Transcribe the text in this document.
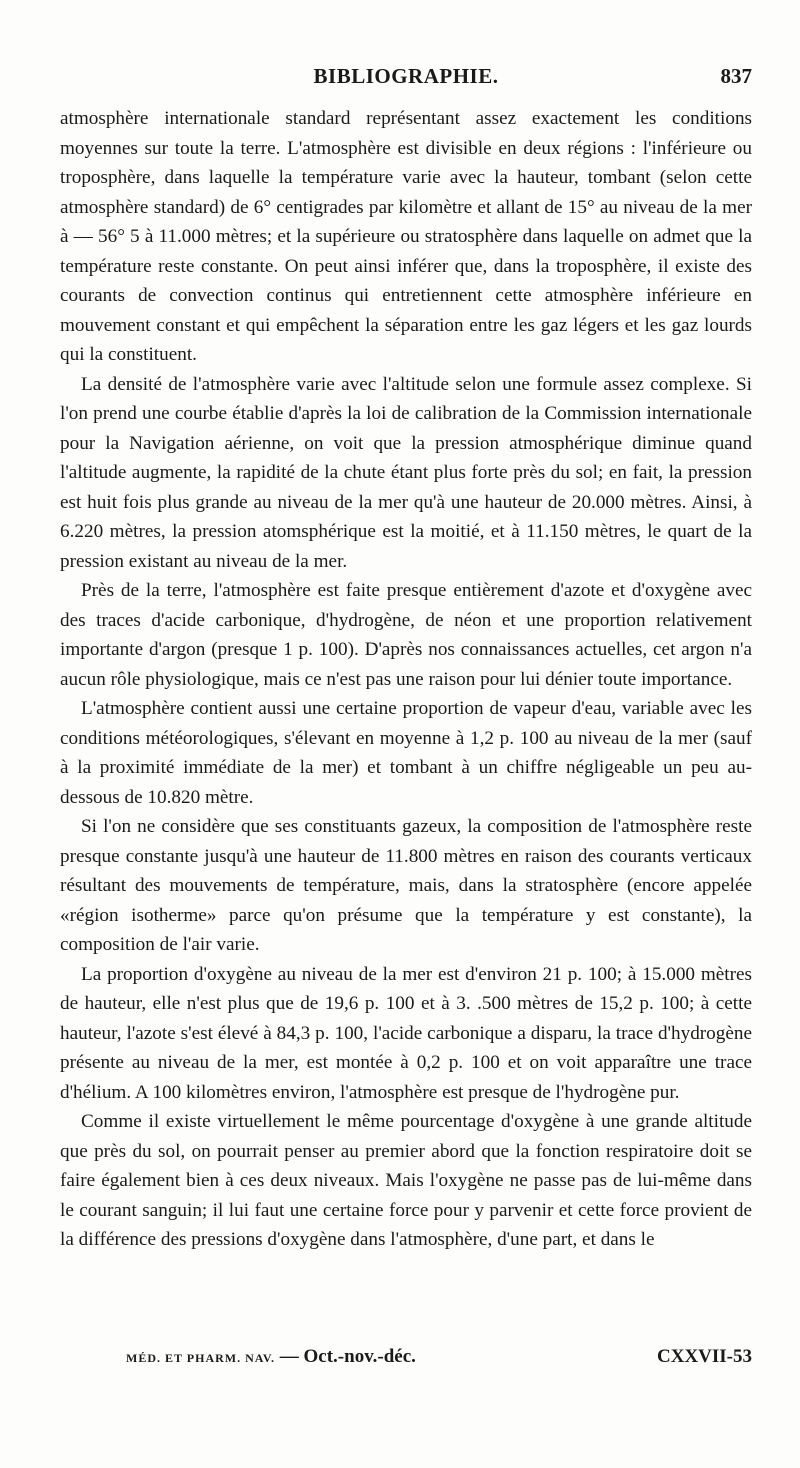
BIBLIOGRAPHIE.	837

atmosphère internationale standard représentant assez exactement les conditions moyennes sur toute la terre. L'atmosphère est divisible en deux régions : l'inférieure ou troposphère, dans laquelle la température varie avec la hauteur, tombant (selon cette atmosphère standard) de 6° centigrades par kilomètre et allant de 15° au niveau de la mer à — 56° 5 à 11.000 mètres; et la supérieure ou stratosphère dans laquelle on admet que la température reste constante. On peut ainsi inférer que, dans la troposphère, il existe des courants de convection continus qui entretiennent cette atmosphère inférieure en mouvement constant et qui empêchent la séparation entre les gaz légers et les gaz lourds qui la constituent.

La densité de l'atmosphère varie avec l'altitude selon une formule assez complexe. Si l'on prend une courbe établie d'après la loi de calibration de la Commission internationale pour la Navigation aérienne, on voit que la pression atmosphérique diminue quand l'altitude augmente, la rapidité de la chute étant plus forte près du sol; en fait, la pression est huit fois plus grande au niveau de la mer qu'à une hauteur de 20.000 mètres. Ainsi, à 6.220 mètres, la pression atomsphérique est la moitié, et à 11.150 mètres, le quart de la pression existant au niveau de la mer.

Près de la terre, l'atmosphère est faite presque entièrement d'azote et d'oxygène avec des traces d'acide carbonique, d'hydrogène, de néon et une proportion relativement importante d'argon (presque 1 p. 100). D'après nos connaissances actuelles, cet argon n'a aucun rôle physiologique, mais ce n'est pas une raison pour lui dénier toute importance.

L'atmosphère contient aussi une certaine proportion de vapeur d'eau, variable avec les conditions météorologiques, s'élevant en moyenne à 1,2 p. 100 au niveau de la mer (sauf à la proximité immédiate de la mer) et tombant à un chiffre négligeable un peu au-dessous de 10.820 mètre.

Si l'on ne considère que ses constituants gazeux, la composition de l'atmosphère reste presque constante jusqu'à une hauteur de 11.800 mètres en raison des courants verticaux résultant des mouvements de température, mais, dans la stratosphère (encore appelée «région isotherme» parce qu'on présume que la température y est constante), la composition de l'air varie.

La proportion d'oxygène au niveau de la mer est d'environ 21 p. 100; à 15.000 mètres de hauteur, elle n'est plus que de 19,6 p. 100 et à 3. .500 mètres de 15,2 p. 100; à cette hauteur, l'azote s'est élevé à 84,3 p. 100, l'acide carbonique a disparu, la trace d'hydrogène présente au niveau de la mer, est montée à 0,2 p. 100 et on voit apparaître une trace d'hélium. A 100 kilomètres environ, l'atmosphère est presque de l'hydrogène pur.

Comme il existe virtuellement le même pourcentage d'oxygène à une grande altitude que près du sol, on pourrait penser au premier abord que la fonction respiratoire doit se faire également bien à ces deux niveaux. Mais l'oxygène ne passe pas de lui-même dans le courant sanguin; il lui faut une certaine force pour y parvenir et cette force provient de la différence des pressions d'oxygène dans l'atmosphère, d'une part, et dans le

MÉD. ET PHARM. NAV. — Oct.-nov.-déc.	CXXVII-53
